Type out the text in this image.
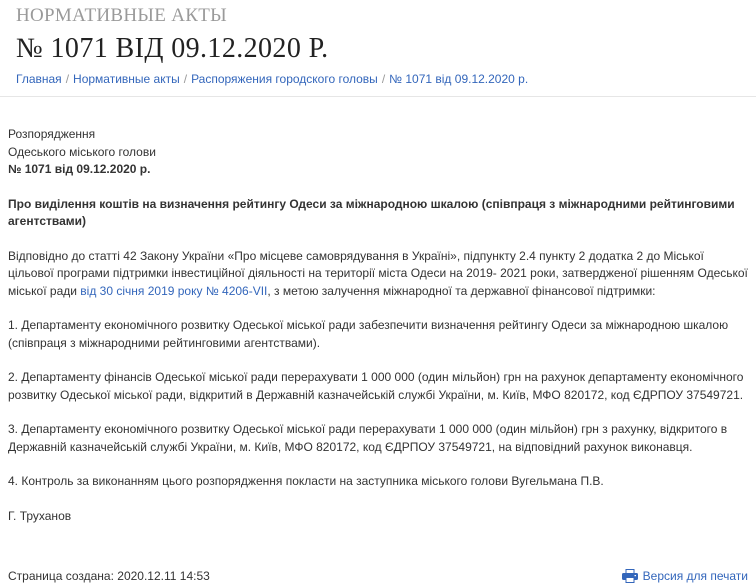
НОРМАТИВНЫЕ АКТЫ
№ 1071 ВІД 09.12.2020 Р.
Главная / Нормативные акты / Распоряжения городского головы / № 1071 від 09.12.2020 р.

Розпорядження

Одеського міського голови

№ 1071 від 09.12.2020 р.

Про виділення коштів на визначення рейтингу Одеси за міжнародною шкалою (співпраця з міжнародними рейтинговими агентствами)

Відповідно до статті 42 Закону України «Про місцеве самоврядування в Україні», підпункту 2.4 пункту 2 додатка 2 до Міської цільової програми підтримки інвестиційної діяльності на території міста Одеси на 2019- 2021 роки, затвердженої рішенням Одеської міської ради від 30 січня 2019 року № 4206-VII, з метою залучення міжнародної та державної фінансової підтримки:

1. Департаменту економічного розвитку Одеської міської ради забезпечити визначення рейтингу Одеси за міжнародною шкалою (співпраця з міжнародними рейтинговими агентствами).

2. Департаменту фінансів Одеської міської ради перерахувати 1 000 000 (один мільйон) грн на рахунок департаменту економічного розвитку Одеської міської ради, відкритий в Державній казначейській службі України, м. Київ, МФО 820172, код ЄДРПОУ 37549721.

3. Департаменту економічного розвитку Одеської міської ради перерахувати 1 000 000 (один мільйон) грн з рахунку, відкритого в Державній казначейській службі України, м. Київ, МФО 820172, код ЄДРПОУ 37549721, на відповідний рахунок виконавця.

4. Контроль за виконанням цього розпорядження покласти на заступника міського голови Вугельмана П.В.

Г. Труханов

Страница создана: 2020.12.11 14:53	Версия для печати
